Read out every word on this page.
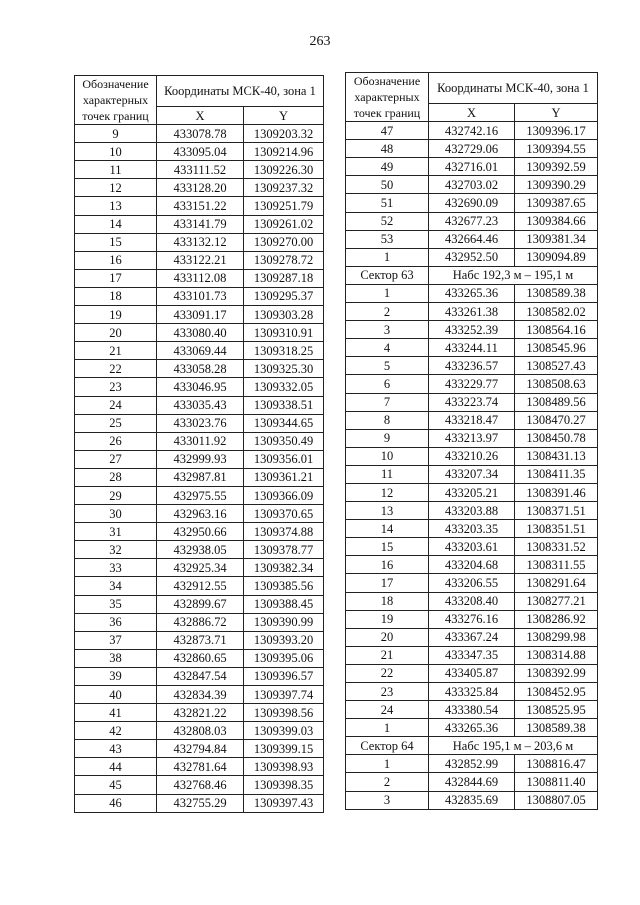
263
Обозначение
характерных
точек границ	Координаты МСК-40, зона 1	
	X	Y
9	433078.78	1309203.32
10	433095.04	1309214.96
11	433111.52	1309226.30
12	433128.20	1309237.32
13	433151.22	1309251.79
14	433141.79	1309261.02
15	433132.12	1309270.00
16	433122.21	1309278.72
17	433112.08	1309287.18
18	433101.73	1309295.37
19	433091.17	1309303.28
20	433080.40	1309310.91
21	433069.44	1309318.25
22	433058.28	1309325.30
23	433046.95	1309332.05
24	433035.43	1309338.51
25	433023.76	1309344.65
26	433011.92	1309350.49
27	432999.93	1309356.01
28	432987.81	1309361.21
29	432975.55	1309366.09
30	432963.16	1309370.65
31	432950.66	1309374.88
32	432938.05	1309378.77
33	432925.34	1309382.34
34	432912.55	1309385.56
35	432899.67	1309388.45
36	432886.72	1309390.99
37	432873.71	1309393.20
38	432860.65	1309395.06
39	432847.54	1309396.57
40	432834.39	1309397.74
41	432821.22	1309398.56
42	432808.03	1309399.03
43	432794.84	1309399.15
44	432781.64	1309398.93
45	432768.46	1309398.35
46	432755.29	1309397.43
Обозначение
характерных
точек границ	Координаты МСК-40, зона 1	
	X	Y
47	432742.16	1309396.17
48	432729.06	1309394.55
49	432716.01	1309392.59
50	432703.02	1309390.29
51	432690.09	1309387.65
52	432677.23	1309384.66
53	432664.46	1309381.34
1	432952.50	1309094.89
Сектор 63	Набс 192,3 м – 195,1 м	
1	433265.36	1308589.38
2	433261.38	1308582.02
3	433252.39	1308564.16
4	433244.11	1308545.96
5	433236.57	1308527.43
6	433229.77	1308508.63
7	433223.74	1308489.56
8	433218.47	1308470.27
9	433213.97	1308450.78
10	433210.26	1308431.13
11	433207.34	1308411.35
12	433205.21	1308391.46
13	433203.88	1308371.51
14	433203.35	1308351.51
15	433203.61	1308331.52
16	433204.68	1308311.55
17	433206.55	1308291.64
18	433208.40	1308277.21
19	433276.16	1308286.92
20	433367.24	1308299.98
21	433347.35	1308314.88
22	433405.87	1308392.99
23	433325.84	1308452.95
24	433380.54	1308525.95
1	433265.36	1308589.38
Сектор 64	Набс 195,1 м – 203,6 м	
1	432852.99	1308816.47
2	432844.69	1308811.40
3	432835.69	1308807.05
